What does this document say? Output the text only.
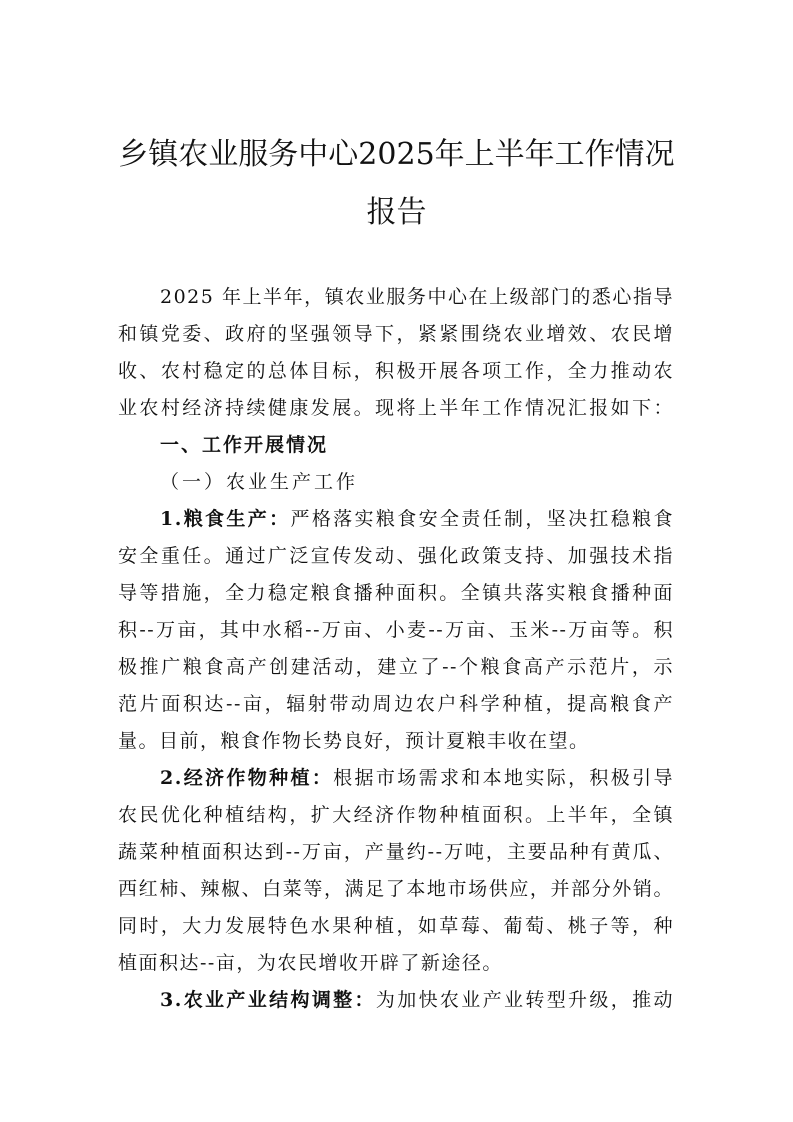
乡镇农业服务中心2025年上半年工作情况
报告
2025 年上半年，镇农业服务中心在上级部门的悉心指导
和镇党委、政府的坚强领导下，紧紧围绕农业增效、农民增
收、农村稳定的总体目标，积极开展各项工作，全力推动农
业农村经济持续健康发展。现将上半年工作情况汇报如下：
一、工作开展情况
（一）农业生产工作
1.粮食生产：严格落实粮食安全责任制，坚决扛稳粮食
安全重任。通过广泛宣传发动、强化政策支持、加强技术指
导等措施，全力稳定粮食播种面积。全镇共落实粮食播种面
积--万亩，其中水稻--万亩、小麦--万亩、玉米--万亩等。积
极推广粮食高产创建活动，建立了--个粮食高产示范片，示
范片面积达--亩，辐射带动周边农户科学种植，提高粮食产
量。目前，粮食作物长势良好，预计夏粮丰收在望。
2.经济作物种植：根据市场需求和本地实际，积极引导
农民优化种植结构，扩大经济作物种植面积。上半年，全镇
蔬菜种植面积达到--万亩，产量约--万吨，主要品种有黄瓜、
西红柿、辣椒、白菜等，满足了本地市场供应，并部分外销。
同时，大力发展特色水果种植，如草莓、葡萄、桃子等，种
植面积达--亩，为农民增收开辟了新途径。
3.农业产业结构调整：为加快农业产业转型升级，推动
